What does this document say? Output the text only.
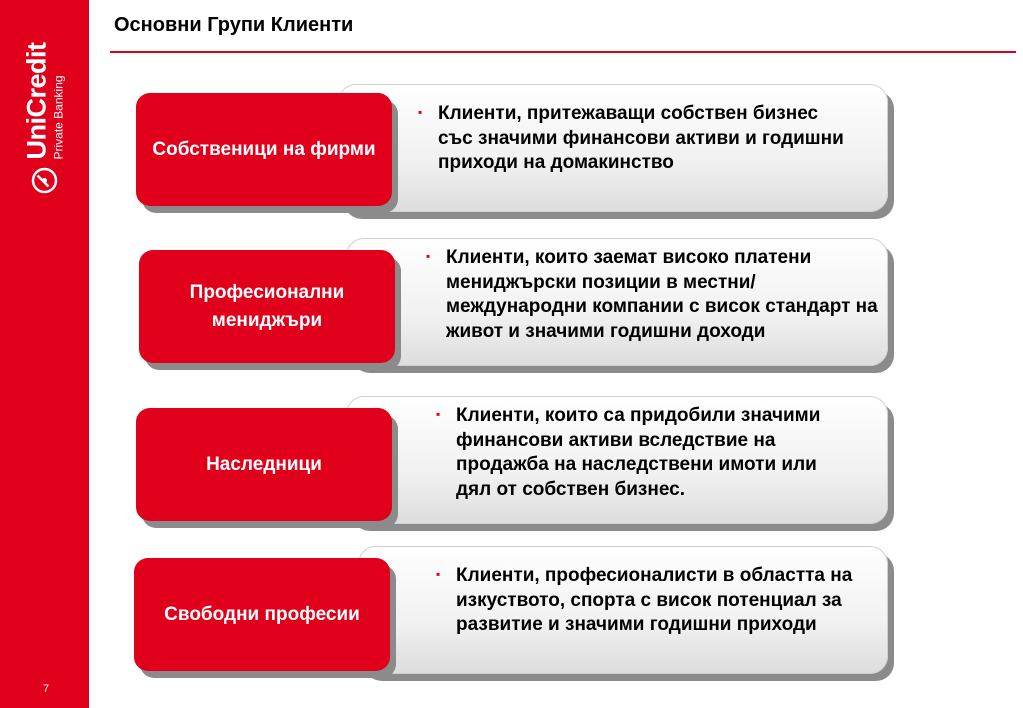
UniCredit Private Banking
7
Основни Групи Клиенти
Собственици на фирми
▪ Клиенти, притежаващи собствен бизнес със значими финансови активи и годишни приходи на домакинство
Професионални мениджъри
▪ Клиенти, които заемат високо платени мениджърски позиции в местни/международни компании с висок стандарт на живот и значими годишни доходи
Наследници
▪ Клиенти, които са придобили значими финансови активи вследствие на продажба на наследствени имоти или дял от собствен бизнес.
Свободни професии
▪ Клиенти, професионалисти в областта на изкуството, спорта с висок потенциал за развитие и значими годишни приходи
